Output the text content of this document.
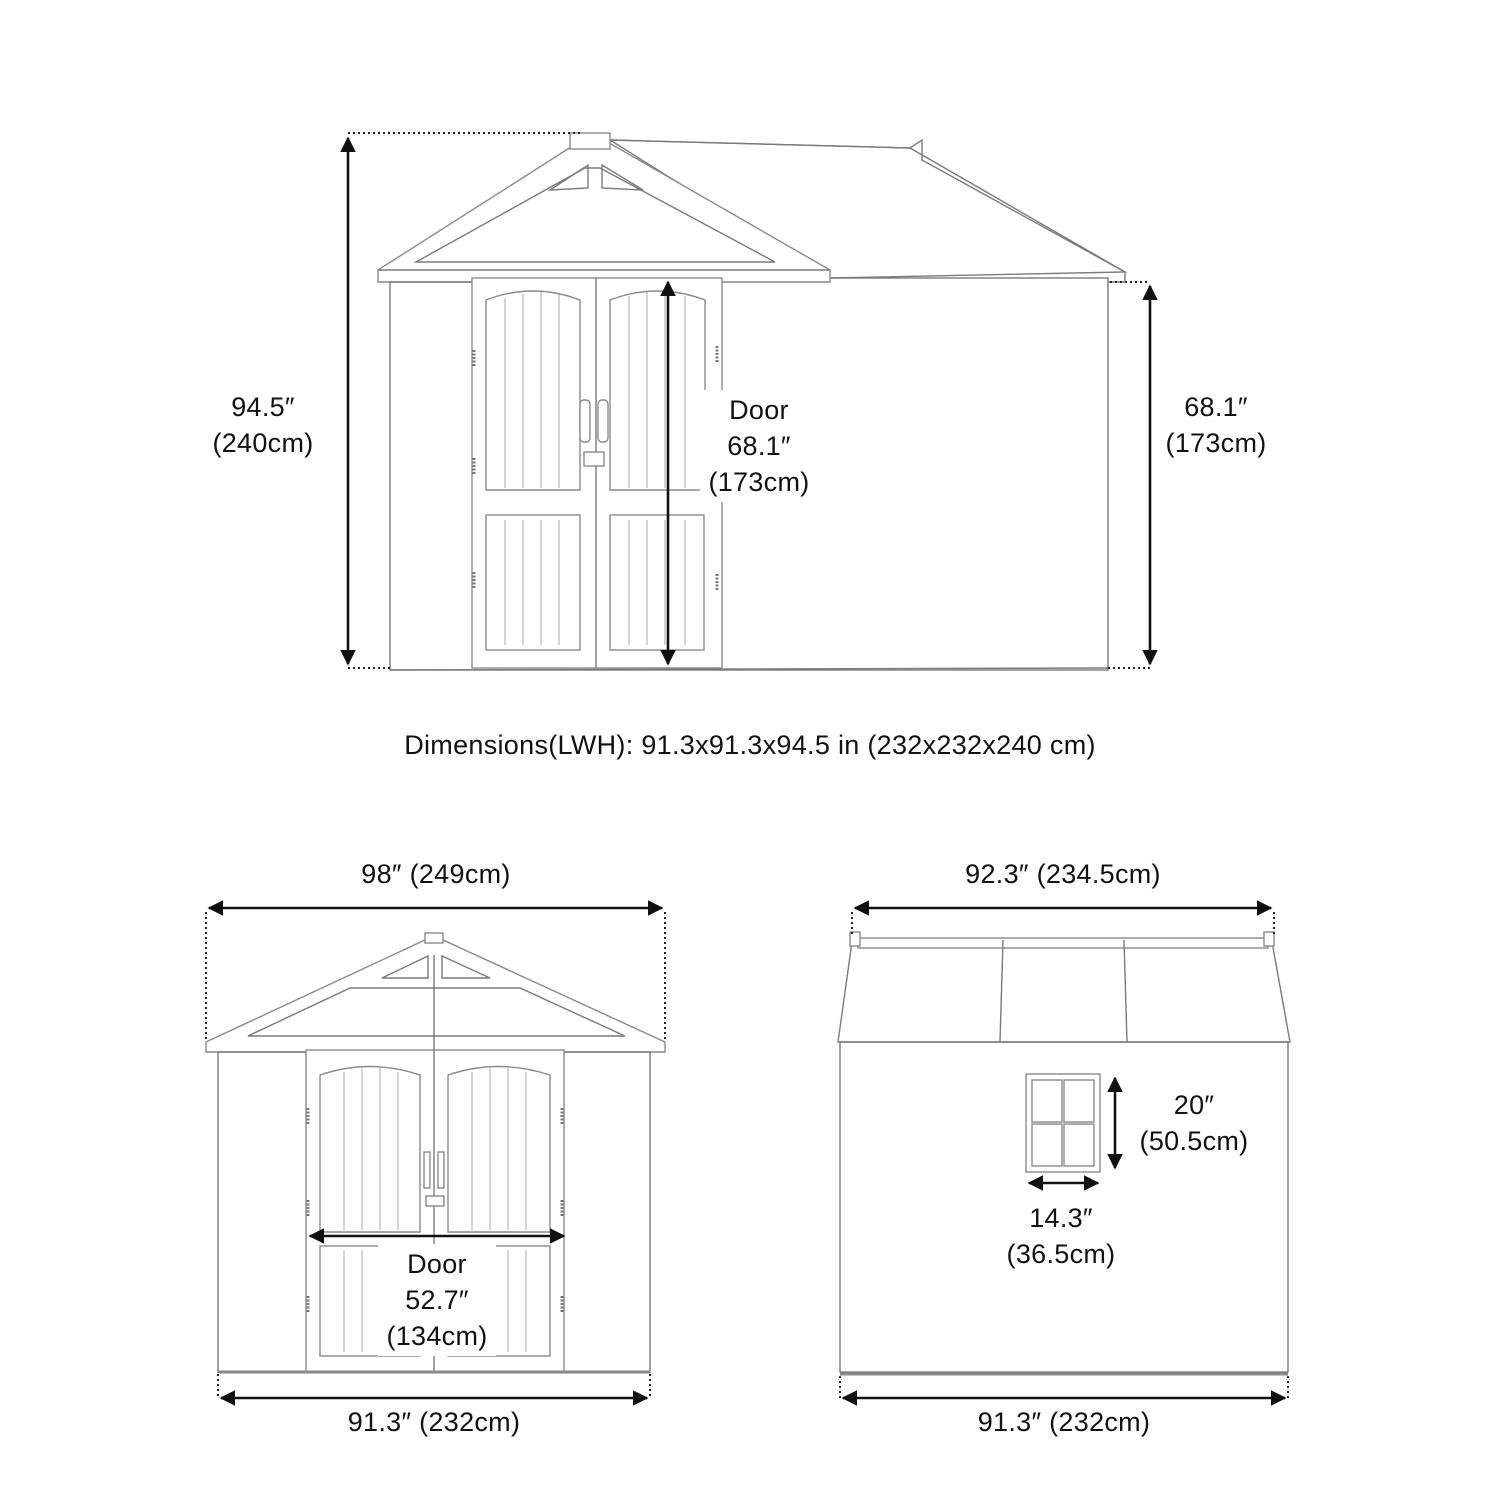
94.5″
(240cm)
Door
68.1″
(173cm)
68.1″
(173cm)
Dimensions(LWH): 91.3x91.3x94.5 in (232x232x240 cm)
98″ (249cm)
Door
52.7″
(134cm)
91.3″ (232cm)
92.3″ (234.5cm)
20″
(50.5cm)
14.3″
(36.5cm)
91.3″ (232cm)
